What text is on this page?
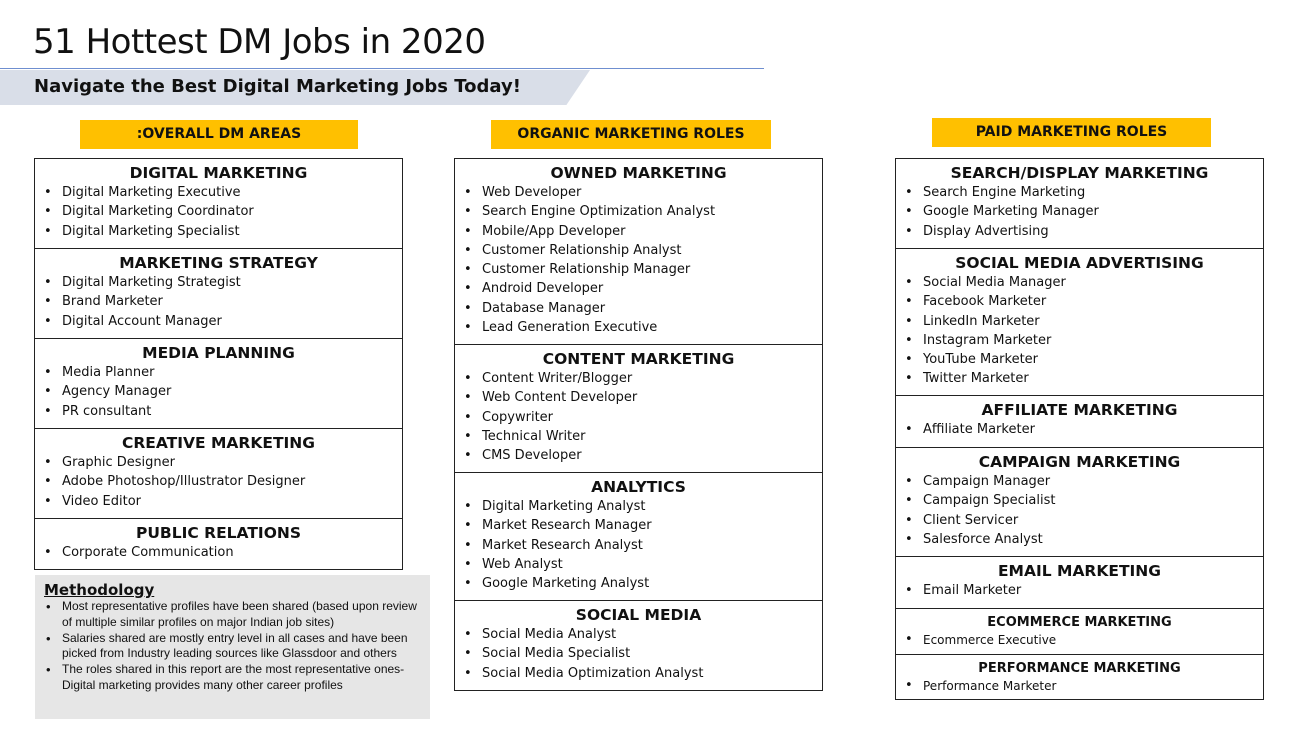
51 Hottest DM Jobs in 2020
Navigate the Best Digital Marketing Jobs Today!
:OVERALL DM AREAS	ORGANIC MARKETING ROLES	PAID MARKETING ROLES
DIGITAL MARKETING
• Digital Marketing Executive
• Digital Marketing Coordinator
• Digital Marketing Specialist
MARKETING STRATEGY
• Digital Marketing Strategist
• Brand Marketer
• Digital Account Manager
MEDIA PLANNING
• Media Planner
• Agency Manager
• PR consultant
CREATIVE MARKETING
• Graphic Designer
• Adobe Photoshop/Illustrator Designer
• Video Editor
PUBLIC RELATIONS
• Corporate Communication
OWNED MARKETING
• Web Developer
• Search Engine Optimization Analyst
• Mobile/App Developer
• Customer Relationship Analyst
• Customer Relationship Manager
• Android Developer
• Database Manager
• Lead Generation Executive
CONTENT MARKETING
• Content Writer/Blogger
• Web Content Developer
• Copywriter
• Technical Writer
• CMS Developer
ANALYTICS
• Digital Marketing Analyst
• Market Research Manager
• Market Research Analyst
• Web Analyst
• Google Marketing Analyst
SOCIAL MEDIA
• Social Media Analyst
• Social Media Specialist
• Social Media Optimization Analyst
SEARCH/DISPLAY MARKETING
• Search Engine Marketing
• Google Marketing Manager
• Display Advertising
SOCIAL MEDIA ADVERTISING
• Social Media Manager
• Facebook Marketer
• LinkedIn Marketer
• Instagram Marketer
• YouTube Marketer
• Twitter Marketer
AFFILIATE MARKETING
• Affiliate Marketer
CAMPAIGN MARKETING
• Campaign Manager
• Campaign Specialist
• Client Servicer
• Salesforce Analyst
EMAIL MARKETING
• Email Marketer
ECOMMERCE MARKETING
• Ecommerce Executive
PERFORMANCE MARKETING
• Performance Marketer
Methodology
• Most representative profiles have been shared (based upon review of multiple similar profiles on major Indian job sites)
• Salaries shared are mostly entry level in all cases and have been picked from Industry leading sources like Glassdoor and others
• The roles shared in this report are the most representative ones- Digital marketing provides many other career profiles
